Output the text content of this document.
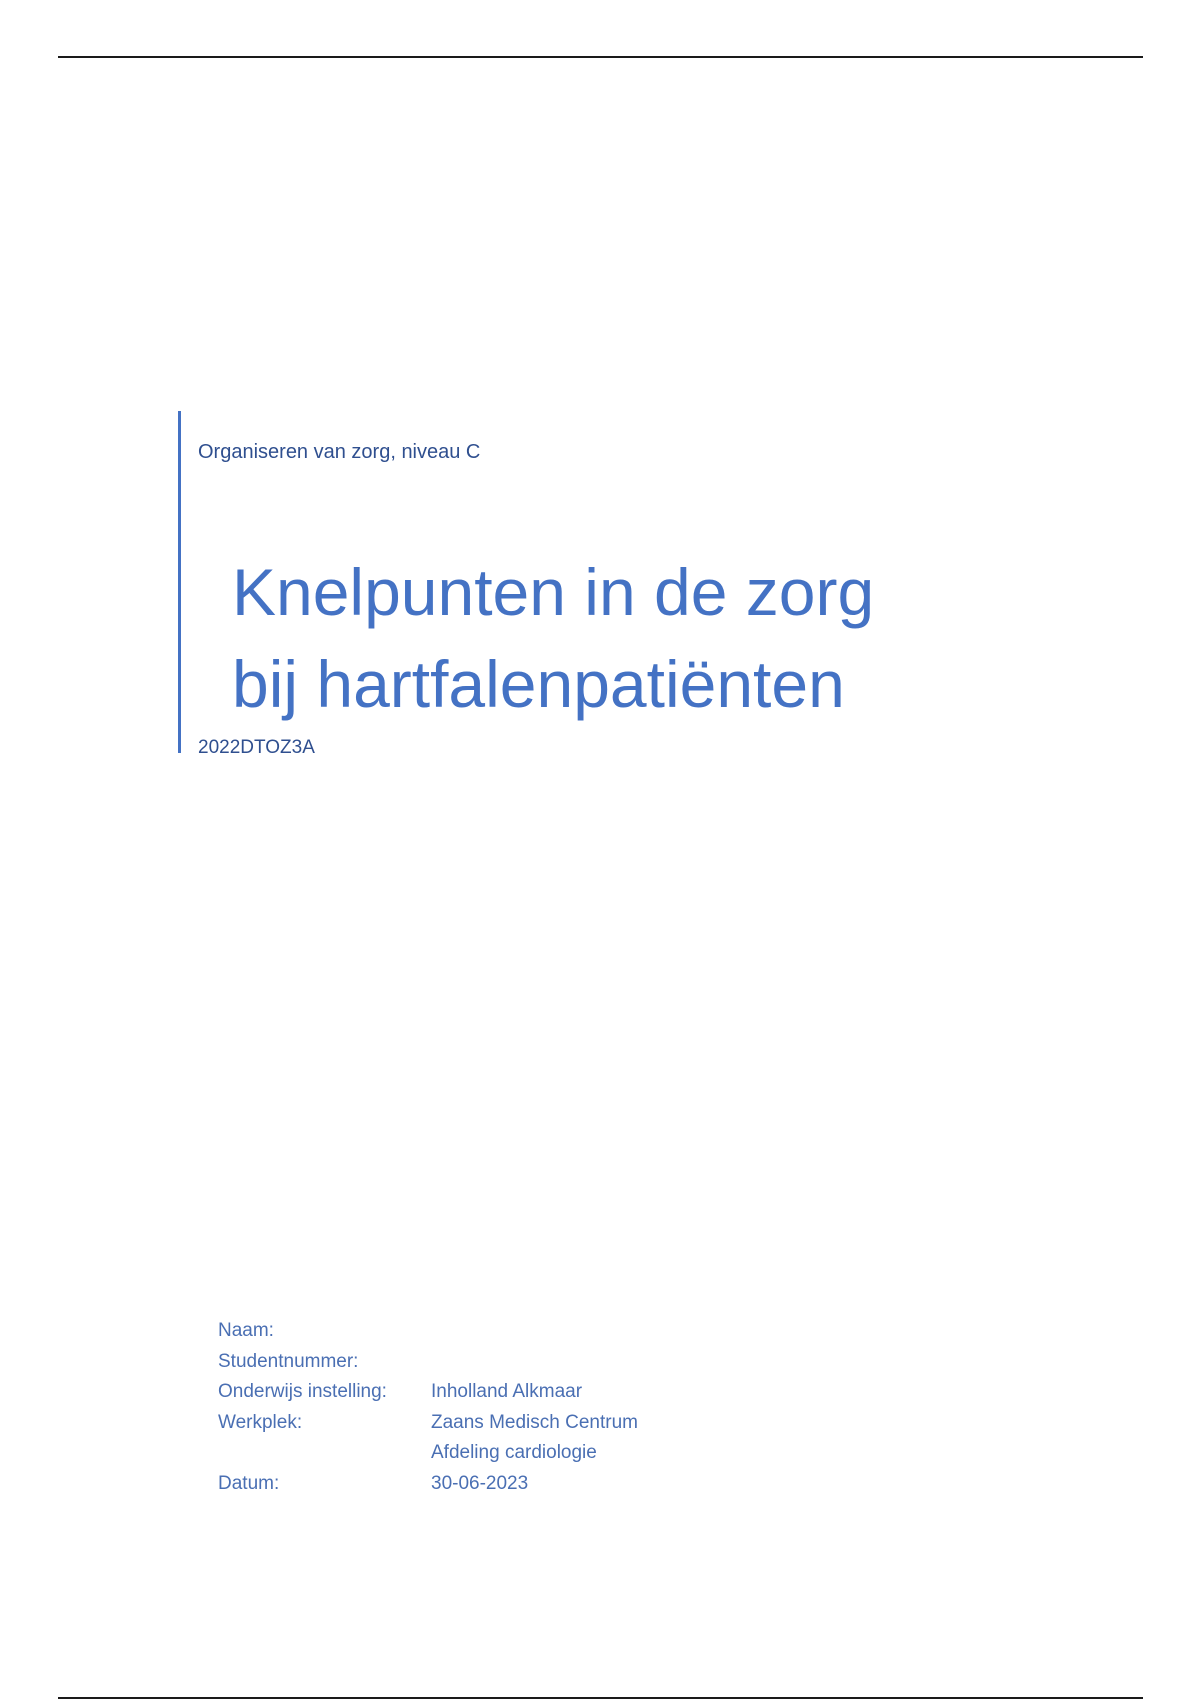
Organiseren van zorg, niveau C
Knelpunten in de zorg
bij hartfalenpatiënten
2022DTOZ3A
Naam:
Studentnummer:
Onderwijs instelling:	Inholland Alkmaar
Werkplek:	Zaans Medisch Centrum
Afdeling cardiologie
Datum:	30-06-2023
